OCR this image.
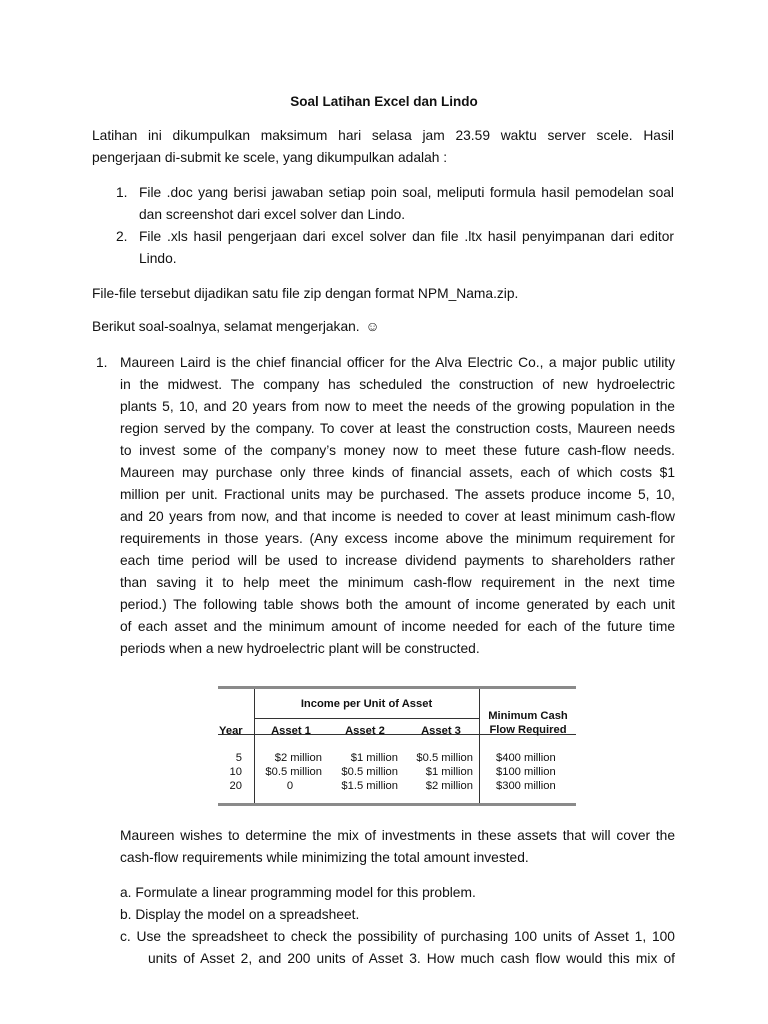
Soal Latihan Excel dan Lindo
Latihan ini dikumpulkan maksimum hari selasa jam 23.59 waktu server scele. Hasil
pengerjaan di-submit ke scele, yang dikumpulkan adalah :
1. File .doc yang berisi jawaban setiap poin soal, meliputi formula hasil pemodelan soal
dan screenshot dari excel solver dan Lindo.
2. File .xls hasil pengerjaan dari excel solver dan file .ltx hasil penyimpanan dari editor
Lindo.
File-file tersebut dijadikan satu file zip dengan format NPM_Nama.zip.
Berikut soal-soalnya, selamat mengerjakan. ☺
1. Maureen Laird is the chief financial officer for the Alva Electric Co., a major public utility
in the midwest. The company has scheduled the construction of new hydroelectric
plants 5, 10, and 20 years from now to meet the needs of the growing population in the
region served by the company. To cover at least the construction costs, Maureen needs
to invest some of the company’s money now to meet these future cash-flow needs.
Maureen may purchase only three kinds of financial assets, each of which costs $1
million per unit. Fractional units may be purchased. The assets produce income 5, 10,
and 20 years from now, and that income is needed to cover at least minimum cash-flow
requirements in those years. (Any excess income above the minimum requirement for
each time period will be used to increase dividend payments to shareholders rather
than saving it to help meet the minimum cash-flow requirement in the next time
period.) The following table shows both the amount of income generated by each unit
of each asset and the minimum amount of income needed for each of the future time
periods when a new hydroelectric plant will be constructed.
Income per Unit of Asset
Year	Asset 1	Asset 2	Asset 3
Minimum Cash
Flow Required
5	$2 million	$1 million	$0.5 million $400 million
10	$0.5 million	$0.5 million	$1 million $100 million
20	0	$1.5 million	$2 million $300 million
Maureen wishes to determine the mix of investments in these assets that will cover the
cash-flow requirements while minimizing the total amount invested.
a. Formulate a linear programming model for this problem.
b. Display the model on a spreadsheet.
c. Use the spreadsheet to check the possibility of purchasing 100 units of Asset 1, 100
units of Asset 2, and 200 units of Asset 3. How much cash flow would this mix of
